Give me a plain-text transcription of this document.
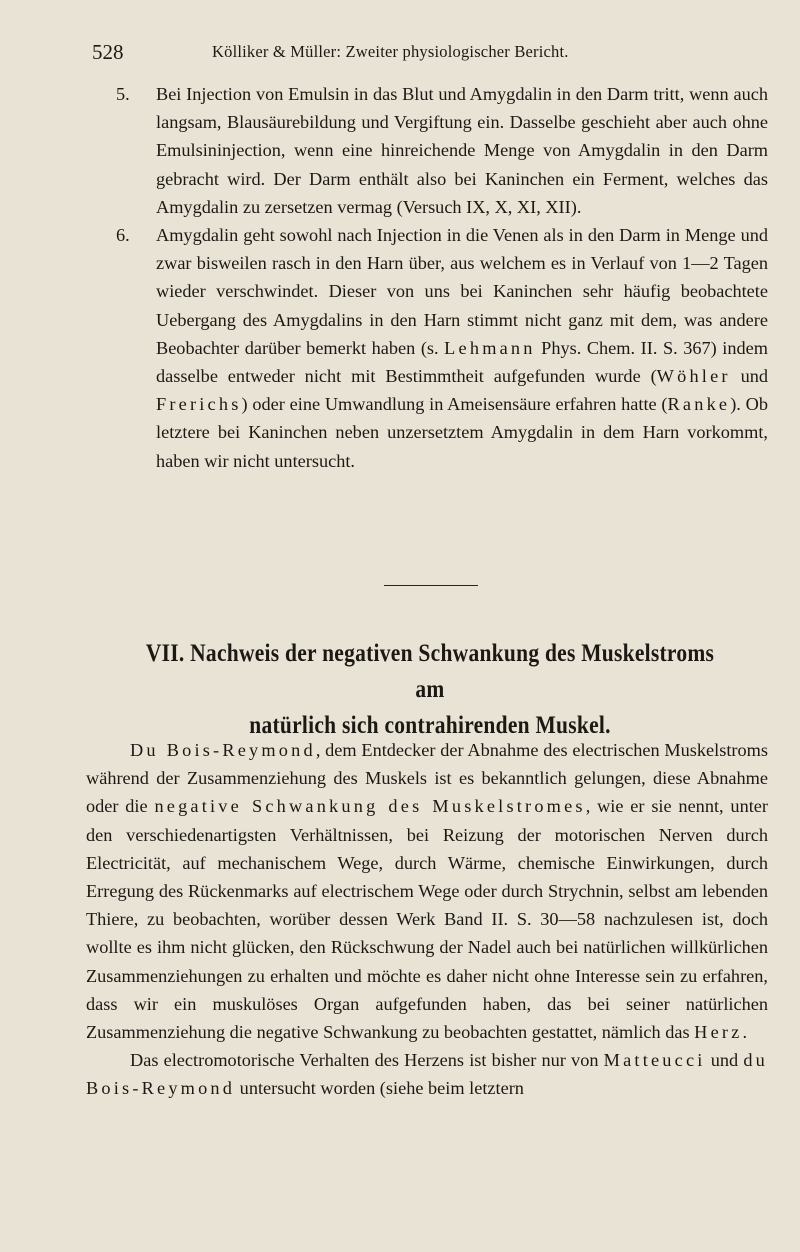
528	Kölliker & Müller: Zweiter physiologischer Bericht.
5. Bei Injection von Emulsin in das Blut und Amygdalin in den Darm tritt, wenn auch langsam, Blausäurebildung und Vergiftung ein. Dasselbe geschieht aber auch ohne Emulsininjection, wenn eine hinreichende Menge von Amygdalin in den Darm gebracht wird. Der Darm enthält also bei Kaninchen ein Ferment, welches das Amygdalin zu zersetzen vermag (Versuch IX, X, XI, XII).
6. Amygdalin geht sowohl nach Injection in die Venen als in den Darm in Menge und zwar bisweilen rasch in den Harn über, aus welchem es in Verlauf von 1—2 Tagen wieder verschwindet. Dieser von uns bei Kaninchen sehr häufig beobachtete Uebergang des Amygdalins in den Harn stimmt nicht ganz mit dem, was andere Beobachter darüber bemerkt haben (s. Lehmann Phys. Chem. II. S. 367) indem dasselbe entweder nicht mit Bestimmtheit aufgefunden wurde (Wöhler und Frerichs) oder eine Umwandlung in Ameisensäure erfahren hatte (Ranke). Ob letztere bei Kaninchen neben unzersetztem Amygdalin in dem Harn vorkommt, haben wir nicht untersucht.
VII. Nachweis der negativen Schwankung des Muskelstroms am
natürlich sich contrahirenden Muskel.

Du Bois-Reymond, dem Entdecker der Abnahme des electrischen Muskelstroms während der Zusammenziehung des Muskels ist es bekanntlich gelungen, diese Abnahme oder die negative Schwankung des Muskelstromes, wie er sie nennt, unter den verschiedenartigsten Verhältnissen, bei Reizung der motorischen Nerven durch Electricität, auf mechanischem Wege, durch Wärme, chemische Einwirkungen, durch Erregung des Rückenmarks auf electrischem Wege oder durch Strychnin, selbst am lebenden Thiere, zu beobachten, worüber dessen Werk Band II. S. 30—58 nachzulesen ist, doch wollte es ihm nicht glücken, den Rückschwung der Nadel auch bei natürlichen willkürlichen Zusammenziehungen zu erhalten und möchte es daher nicht ohne Interesse sein zu erfahren, dass wir ein muskulöses Organ aufgefunden haben, das bei seiner natürlichen Zusammenziehung die negative Schwankung zu beobachten gestattet, nämlich das Herz.

Das electromotorische Verhalten des Herzens ist bisher nur von Matteucci und du Bois-Reymond untersucht worden (siehe beim letztern
